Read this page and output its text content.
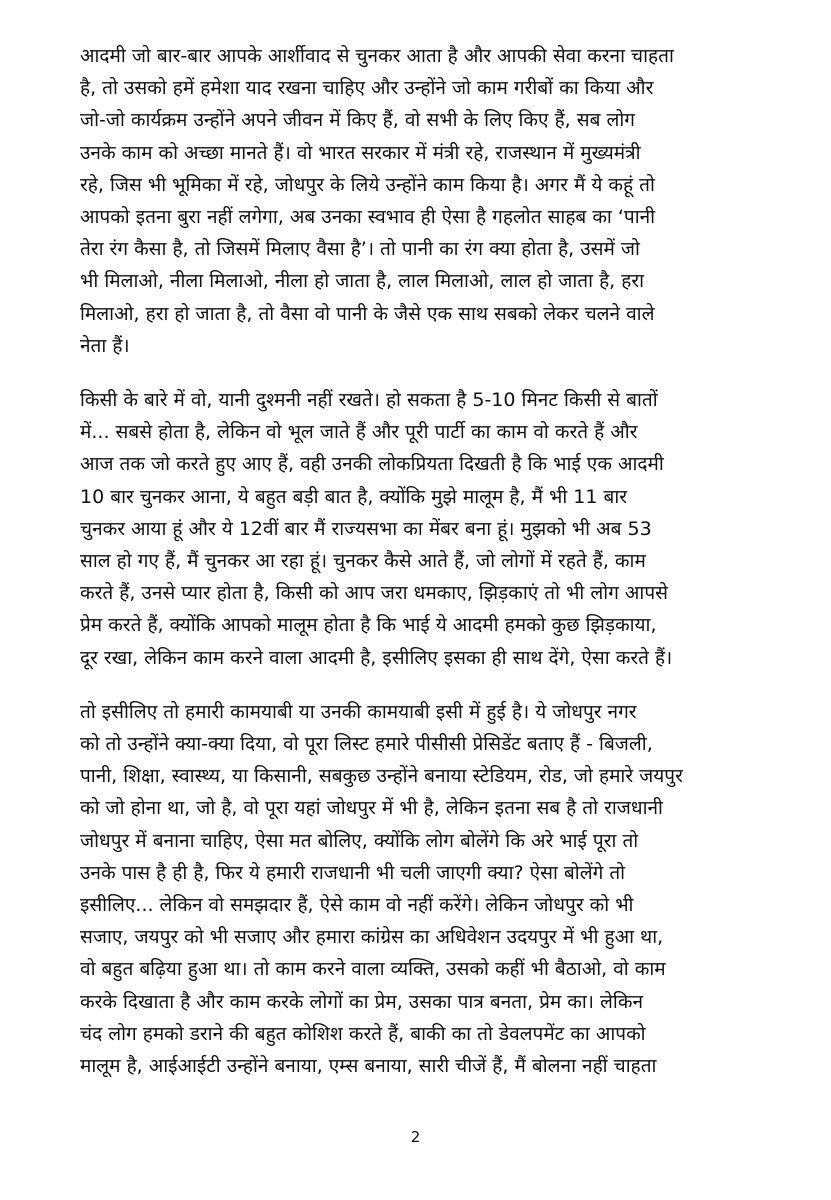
आदमी जो बार-बार आपके आर्शीवाद से चुनकर आता है और आपकी सेवा करना चाहता
है, तो उसको हमें हमेशा याद रखना चाहिए और उन्होंने जो काम गरीबों का किया और
जो-जो कार्यक्रम उन्होंने अपने जीवन में किए हैं, वो सभी के लिए किए हैं, सब लोग
उनके काम को अच्छा मानते हैं। वो भारत सरकार में मंत्री रहे, राजस्थान में मुख्यमंत्री
रहे, जिस भी भूमिका में रहे, जोधपुर के लिये उन्होंने काम किया है। अगर मैं ये कहूं तो
आपको इतना बुरा नहीं लगेगा, अब उनका स्वभाव ही ऐसा है गहलोत साहब का ‘पानी
तेरा रंग कैसा है, तो जिसमें मिलाए वैसा है’। तो पानी का रंग क्या होता है, उसमें जो
भी मिलाओ, नीला मिलाओ, नीला हो जाता है, लाल मिलाओ, लाल हो जाता है, हरा
मिलाओ, हरा हो जाता है, तो वैसा वो पानी के जैसे एक साथ सबको लेकर चलने वाले
नेता हैं।

किसी के बारे में वो, यानी दुश्मनी नहीं रखते। हो सकता है 5-10 मिनट किसी से बातों
में... सबसे होता है, लेकिन वो भूल जाते हैं और पूरी पार्टी का काम वो करते हैं और
आज तक जो करते हुए आए हैं, वही उनकी लोकप्रियता दिखती है कि भाई एक आदमी
10 बार चुनकर आना, ये बहुत बड़ी बात है, क्योंकि मुझे मालूम है, मैं भी 11 बार
चुनकर आया हूं और ये 12वीं बार मैं राज्यसभा का मेंबर बना हूं। मुझको भी अब 53
साल हो गए हैं, मैं चुनकर आ रहा हूं। चुनकर कैसे आते हैं, जो लोगों में रहते हैं, काम
करते हैं, उनसे प्यार होता है, किसी को आप जरा धमकाए, झिड़काएं तो भी लोग आपसे
प्रेम करते हैं, क्योंकि आपको मालूम होता है कि भाई ये आदमी हमको कुछ झिड़काया,
दूर रखा, लेकिन काम करने वाला आदमी है, इसीलिए इसका ही साथ देंगे, ऐसा करते हैं।

तो इसीलिए तो हमारी कामयाबी या उनकी कामयाबी इसी में हुई है। ये जोधपुर नगर
को तो उन्होंने क्या-क्या दिया, वो पूरा लिस्ट हमारे पीसीसी प्रेसिडेंट बताए हैं - बिजली,
पानी, शिक्षा, स्वास्थ्य, या किसानी, सबकुछ उन्होंने बनाया स्टेडियम, रोड, जो हमारे जयपुर
को जो होना था, जो है, वो पूरा यहां जोधपुर में भी है, लेकिन इतना सब है तो राजधानी
जोधपुर में बनाना चाहिए, ऐसा मत बोलिए, क्योंकि लोग बोलेंगे कि अरे भाई पूरा तो
उनके पास है ही है, फिर ये हमारी राजधानी भी चली जाएगी क्या? ऐसा बोलेंगे तो
इसीलिए... लेकिन वो समझदार हैं, ऐसे काम वो नहीं करेंगे। लेकिन जोधपुर को भी
सजाए, जयपुर को भी सजाए और हमारा कांग्रेस का अधिवेशन उदयपुर में भी हुआ था,
वो बहुत बढ़िया हुआ था। तो काम करने वाला व्यक्ति, उसको कहीं भी बैठाओ, वो काम
करके दिखाता है और काम करके लोगों का प्रेम, उसका पात्र बनता, प्रेम का। लेकिन
चंद लोग हमको डराने की बहुत कोशिश करते हैं, बाकी का तो डेवलपमेंट का आपको
मालूम है, आईआईटी उन्होंने बनाया, एम्स बनाया, सारी चीजें हैं, मैं बोलना नहीं चाहता

2
